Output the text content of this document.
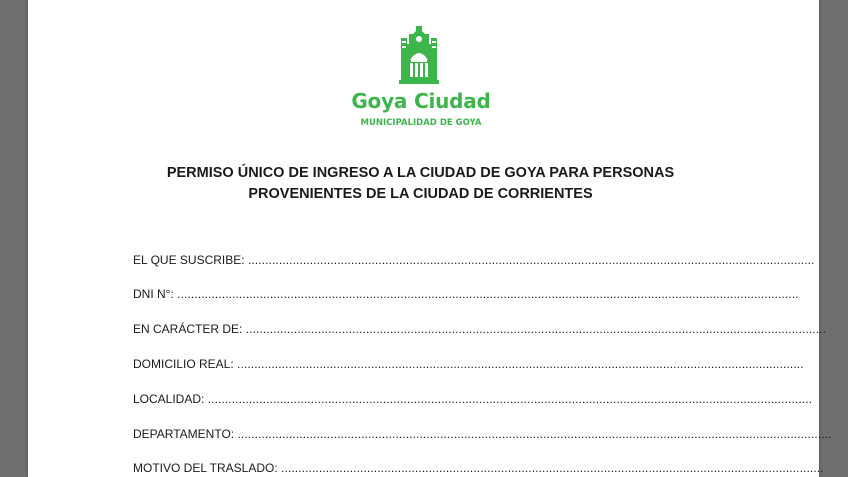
Goya Ciudad
MUNICIPALIDAD DE GOYA
PERMISO ÚNICO DE INGRESO A LA CIUDAD DE GOYA PARA PERSONAS
PROVENIENTES DE LA CIUDAD DE CORRIENTES
EL QUE SUSCRIBE: .....................................................................................................................................................................
DNI N°: .....................................................................................................................................................................................
EN CARÁCTER DE: .........................................................................................................................................................................
DOMICILIO REAL: .....................................................................................................................................................................
LOCALIDAD: ................................................................................................................................................................................
DEPARTAMENTO: .............................................................................................................................................................................
MOTIVO DEL TRASLADO: ..............................................................................................................................................................
